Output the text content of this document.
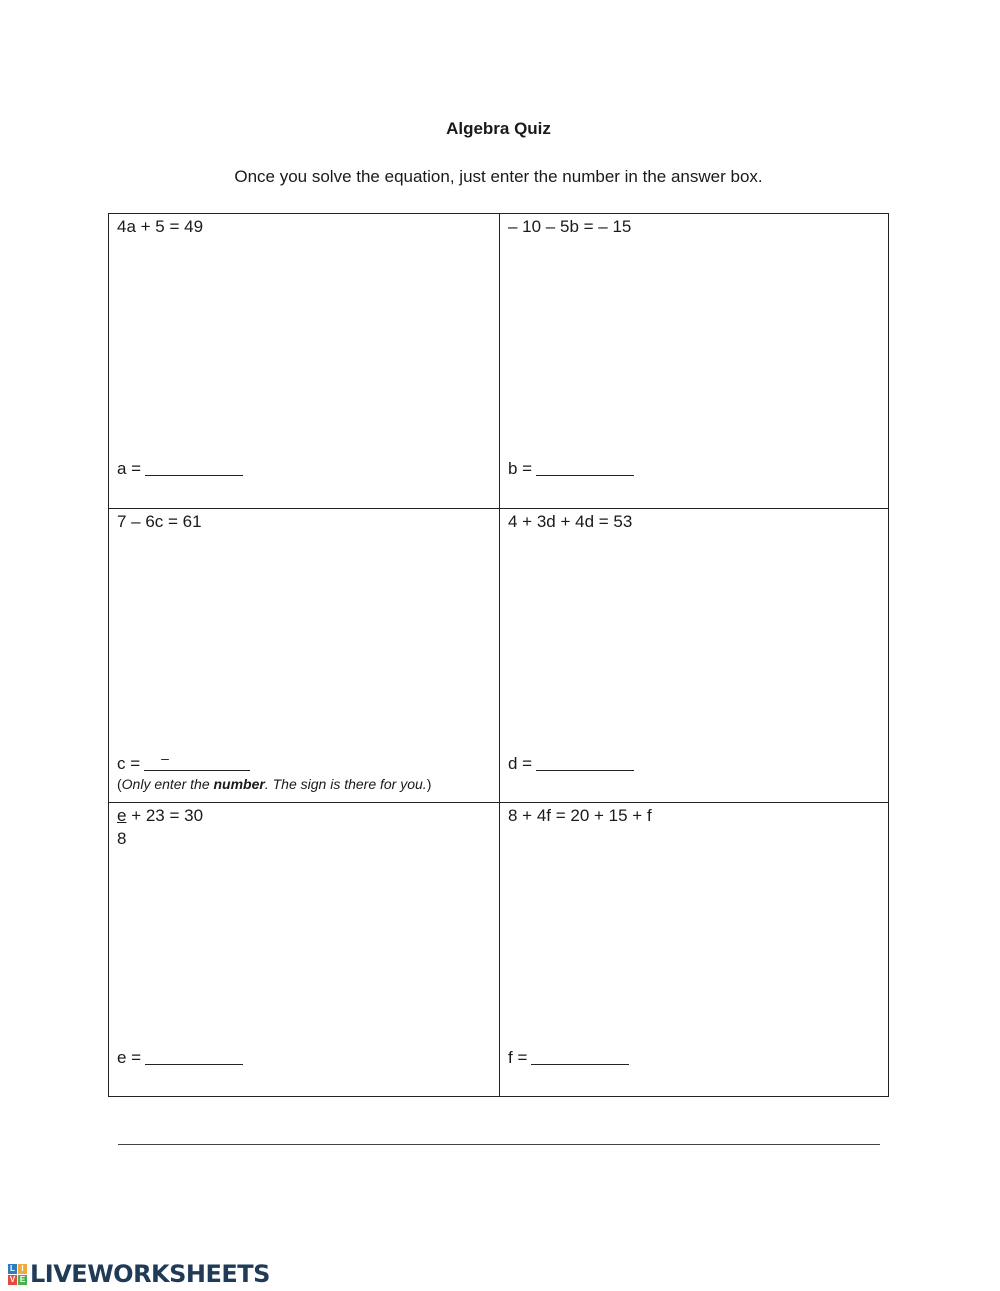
Algebra Quiz
Once you solve the equation, just enter the number in the answer box.
4a + 5 = 49
a =
– 10 – 5b = – 15
b =
7 – 6c = 61
c = –
(Only enter the number. The sign is there for you.)
4 + 3d + 4d = 53
d =
e + 23 = 30
8
e =
8 + 4f = 20 + 15 + f
f =
L I
V E LIVEWORKSHEETS
